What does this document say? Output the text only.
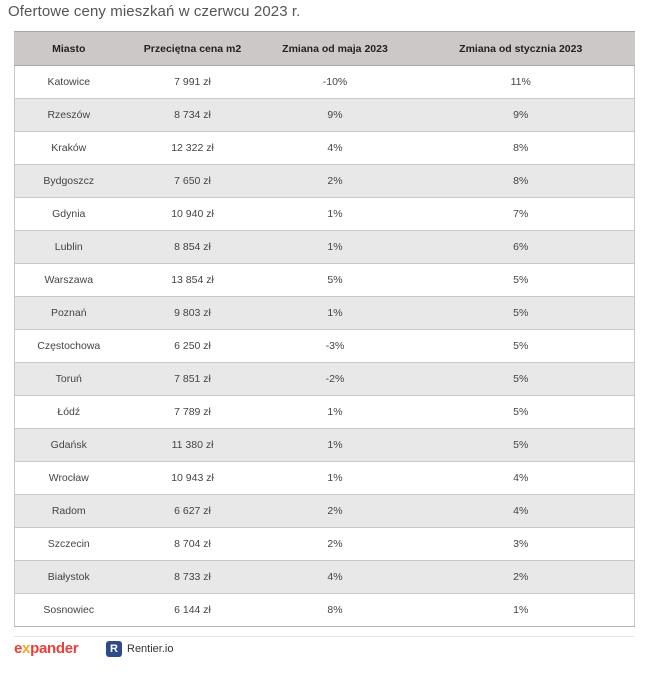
Ofertowe ceny mieszkań w czerwcu 2023 r.
Miasto	Przeciętna cena m2	Zmiana od maja 2023	Zmiana od stycznia 2023
Katowice	7 991 zł	-10%	11%
Rzeszów	8 734 zł	9%	9%
Kraków	12 322 zł	4%	8%
Bydgoszcz	7 650 zł	2%	8%
Gdynia	10 940 zł	1%	7%
Lublin	8 854 zł	1%	6%
Warszawa	13 854 zł	5%	5%
Poznań	9 803 zł	1%	5%
Częstochowa	6 250 zł	-3%	5%
Toruń	7 851 zł	-2%	5%
Łódź	7 789 zł	1%	5%
Gdańsk	11 380 zł	1%	5%
Wrocław	10 943 zł	1%	4%
Radom	6 627 zł	2%	4%
Szczecin	8 704 zł	2%	3%
Białystok	8 733 zł	4%	2%
Sosnowiec	6 144 zł	8%	1%
expander	R Rentier.io
